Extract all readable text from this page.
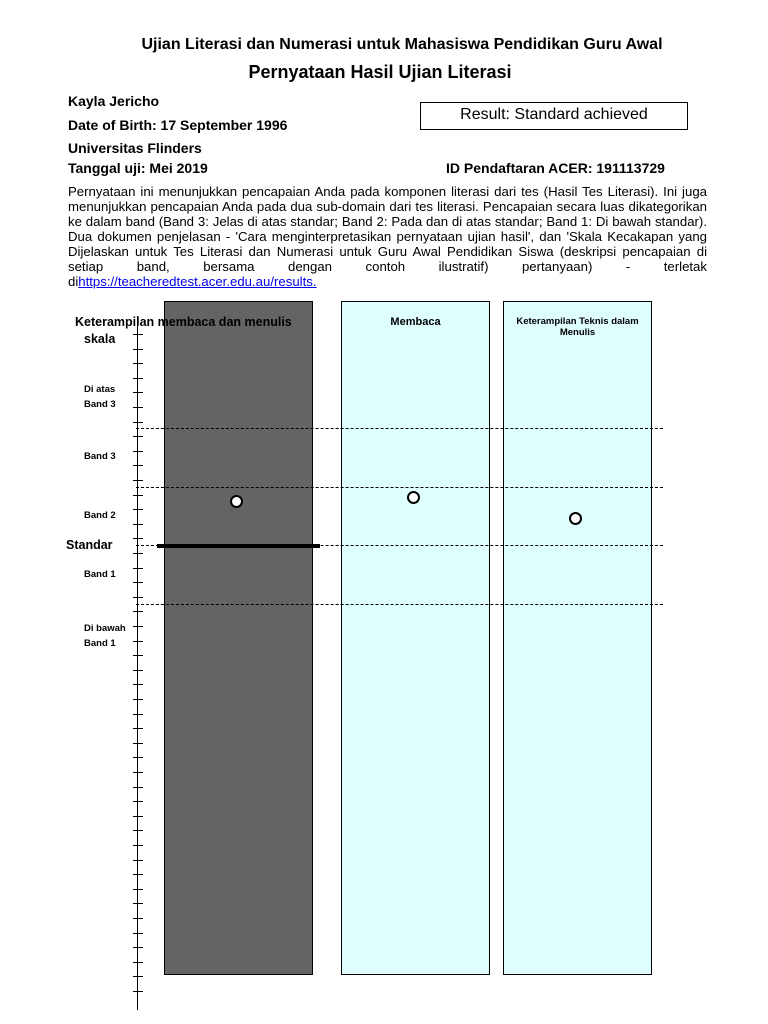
Ujian Literasi dan Numerasi untuk Mahasiswa Pendidikan Guru Awal
Pernyataan Hasil Ujian Literasi
Kayla Jericho
Date of Birth: 17 September 1996
Universitas Flinders
Tanggal uji: Mei 2019
Result: Standard achieved
ID Pendaftaran ACER: 191113729
Pernyataan ini menunjukkan pencapaian Anda pada komponen literasi dari tes (Hasil Tes Literasi). Ini juga menunjukkan pencapaian Anda pada dua sub-domain dari tes literasi. Pencapaian secara luas dikategorikan ke dalam band (Band 3: Jelas di atas standar; Band 2: Pada dan di atas standar; Band 1: Di bawah standar). Dua dokumen penjelasan - 'Cara menginterpretasikan pernyataan ujian hasil', dan 'Skala Kecakapan yang Dijelaskan untuk Tes Literasi dan Numerasi untuk Guru Awal Pendidikan Siswa (deskripsi pencapaian di setiap band, bersama dengan contoh ilustratif) pertanyaan) - terletak dihttps://teacheredtest.acer.edu.au/results.
Membaca	Keterampilan Teknis dalam Menulis
Keterampilan membaca dan menulis
skala
Di atas
Band 3
Band 3
Band 2
Standar
Band 1
Di bawah
Band 1
